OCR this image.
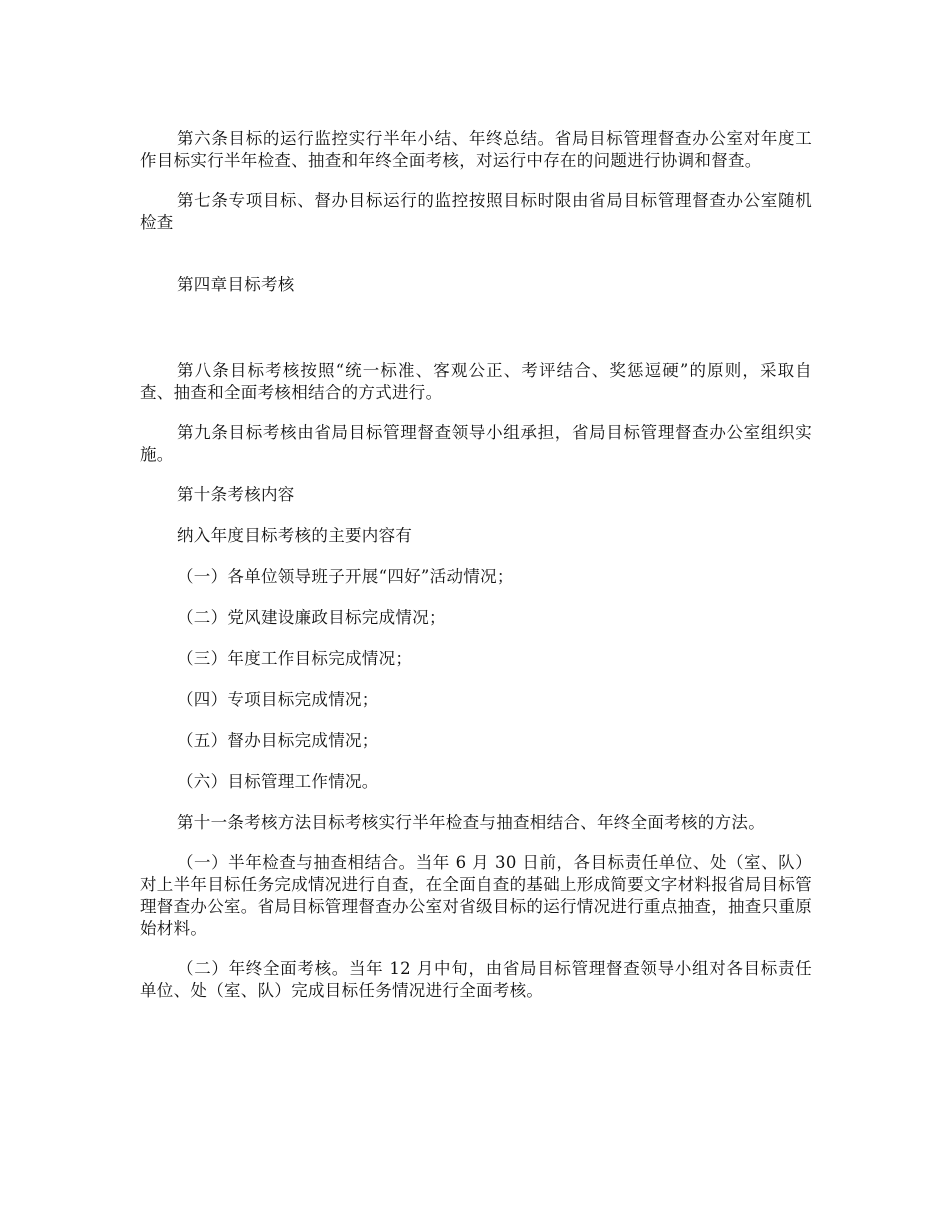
第六条目标的运行监控实行半年小结、年终总结。省局目标管理督查办公室对年度工作目标实行半年检查、抽查和年终全面考核，对运行中存在的问题进行协调和督查。

第七条专项目标、督办目标运行的监控按照目标时限由省局目标管理督查办公室随机检查

第四章目标考核

第八条目标考核按照“统一标准、客观公正、考评结合、奖惩逗硬”的原则，采取自查、抽查和全面考核相结合的方式进行。

第九条目标考核由省局目标管理督查领导小组承担，省局目标管理督查办公室组织实施。

第十条考核内容

纳入年度目标考核的主要内容有

（一）各单位领导班子开展“四好”活动情况；

（二）党风建设廉政目标完成情况；

（三）年度工作目标完成情况；

（四）专项目标完成情况；

（五）督办目标完成情况；

（六）目标管理工作情况。

第十一条考核方法目标考核实行半年检查与抽查相结合、年终全面考核的方法。

（一）半年检查与抽查相结合。当年 6 月 30 日前，各目标责任单位、处（室、队）对上半年目标任务完成情况进行自查，在全面自查的基础上形成简要文字材料报省局目标管理督查办公室。省局目标管理督查办公室对省级目标的运行情况进行重点抽查，抽查只重原始材料。

（二）年终全面考核。当年 12 月中旬，由省局目标管理督查领导小组对各目标责任单位、处（室、队）完成目标任务情况进行全面考核。
